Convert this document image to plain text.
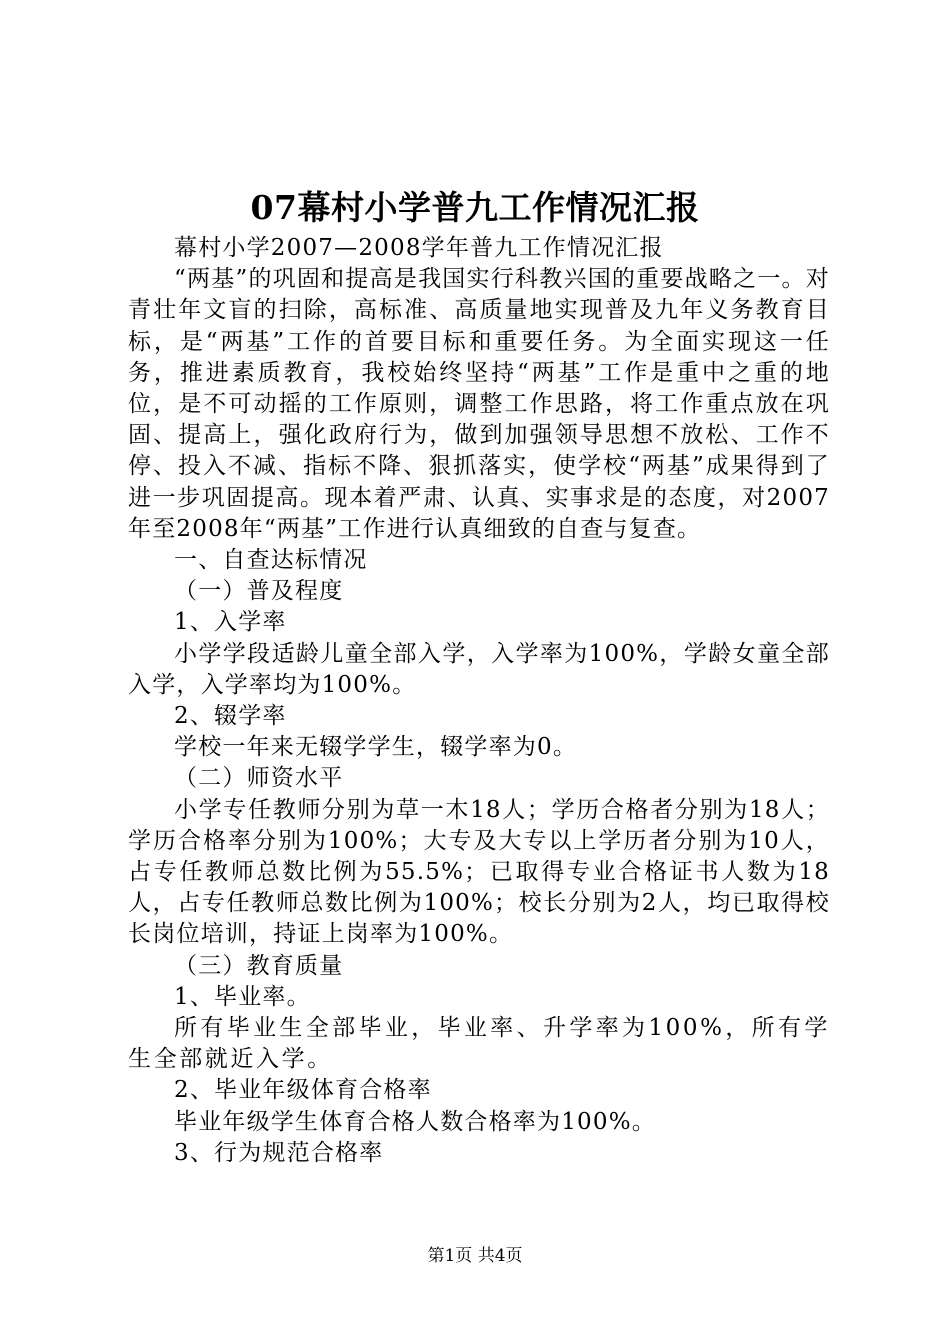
07幕村小学普九工作情况汇报

幕村小学2007—2008学年普九工作情况汇报

“两基”的巩固和提高是我国实行科教兴国的重要战略之一。对青壮年文盲的扫除，高标准、高质量地实现普及九年义务教育目标，是“两基”工作的首要目标和重要任务。为全面实现这一任务，推进素质教育，我校始终坚持“两基”工作是重中之重的地位，是不可动摇的工作原则，调整工作思路，将工作重点放在巩固、提高上，强化政府行为，做到加强领导思想不放松、工作不停、投入不减、指标不降、狠抓落实，使学校“两基”成果得到了进一步巩固提高。现本着严肃、认真、实事求是的态度，对2007年至2008年“两基”工作进行认真细致的自查与复查。

一、自查达标情况

（一）普及程度

1、入学率

小学学段适龄儿童全部入学，入学率为100%，学龄女童全部入学，入学率均为100%。

2、辍学率

学校一年来无辍学学生，辍学率为0。

（二）师资水平

小学专任教师分别为草一木18人；学历合格者分别为18人；学历合格率分别为100%；大专及大专以上学历者分别为10人，占专任教师总数比例为55.5%；已取得专业合格证书人数为18人，占专任教师总数比例为100%；校长分别为2人，均已取得校长岗位培训，持证上岗率为100%。

（三）教育质量

1、毕业率。

所有毕业生全部毕业，毕业率、升学率为100%，所有学生全部就近入学。

2、毕业年级体育合格率

毕业年级学生体育合格人数合格率为100%。

3、行为规范合格率

第1页 共4页
